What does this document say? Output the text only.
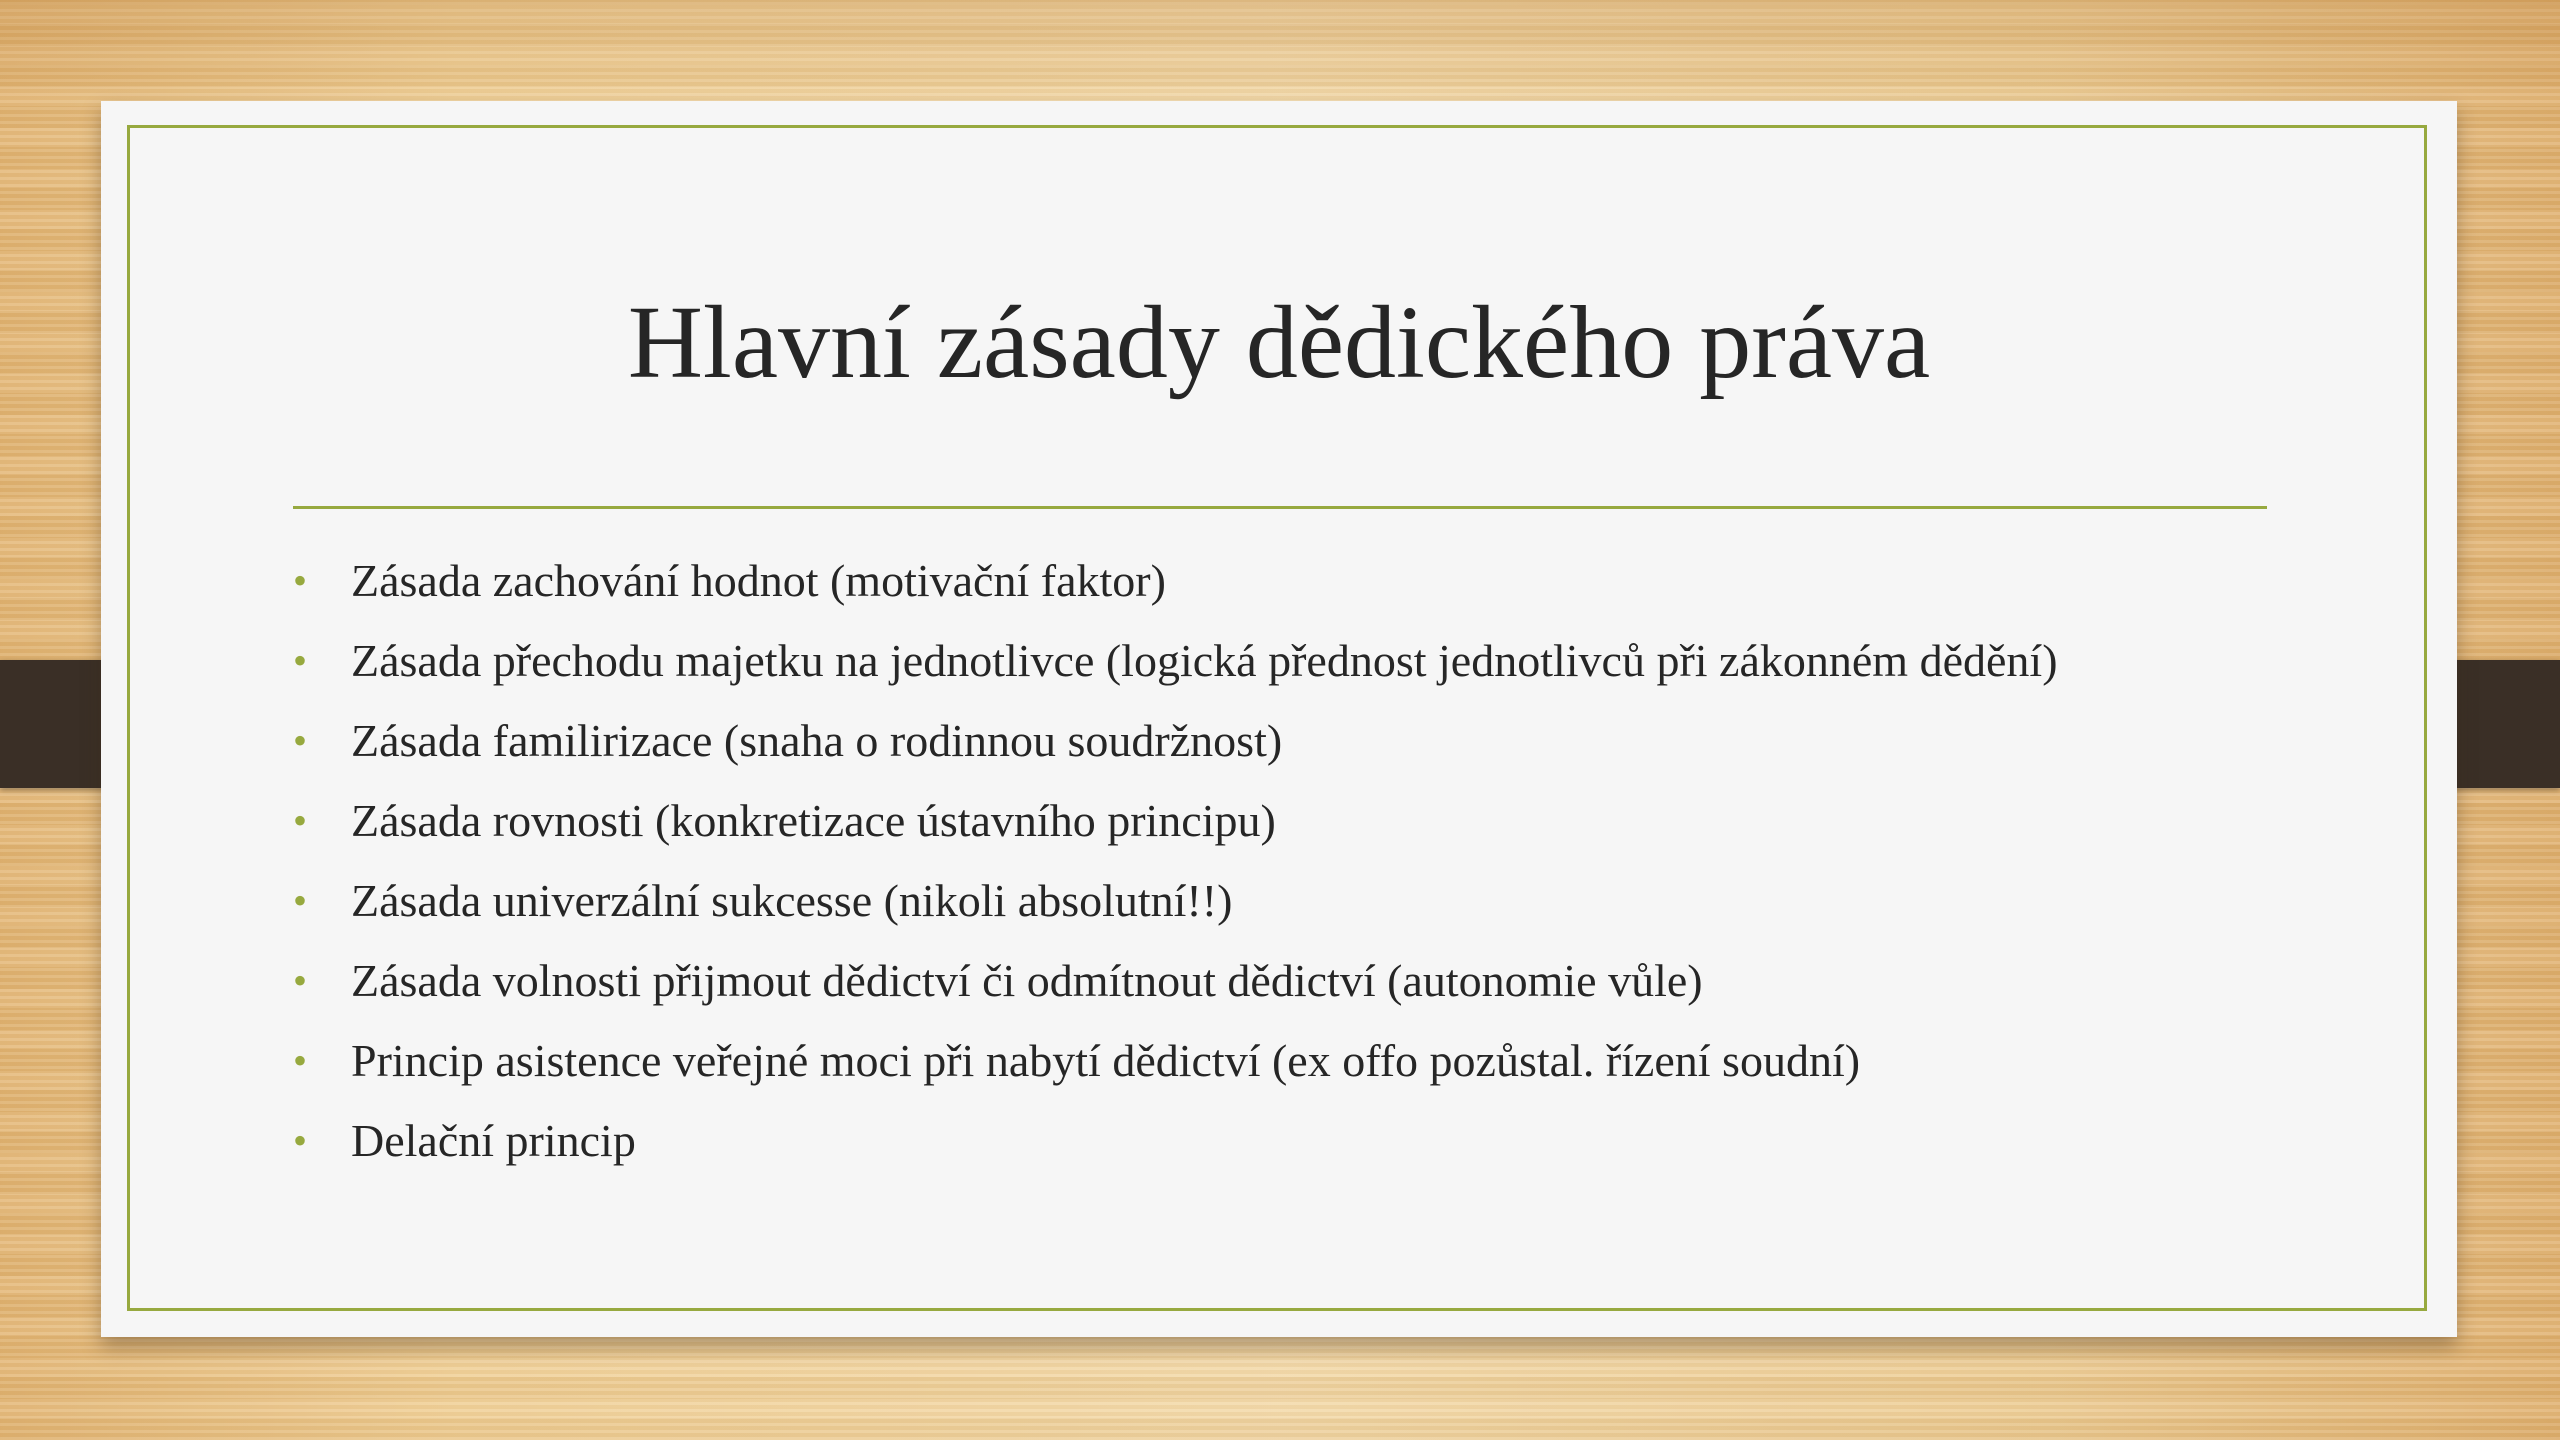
Hlavní zásady dědického práva
• Zásada zachování hodnot (motivační faktor)
• Zásada přechodu majetku na jednotlivce (logická přednost jednotlivců při zákonném dědění)
• Zásada familirizace (snaha o rodinnou soudržnost)
• Zásada rovnosti (konkretizace ústavního principu)
• Zásada univerzální sukcesse (nikoli absolutní!!)
• Zásada volnosti přijmout dědictví či odmítnout dědictví (autonomie vůle)
• Princip asistence veřejné moci při nabytí dědictví (ex offo pozůstal. řízení soudní)
• Delační princip
